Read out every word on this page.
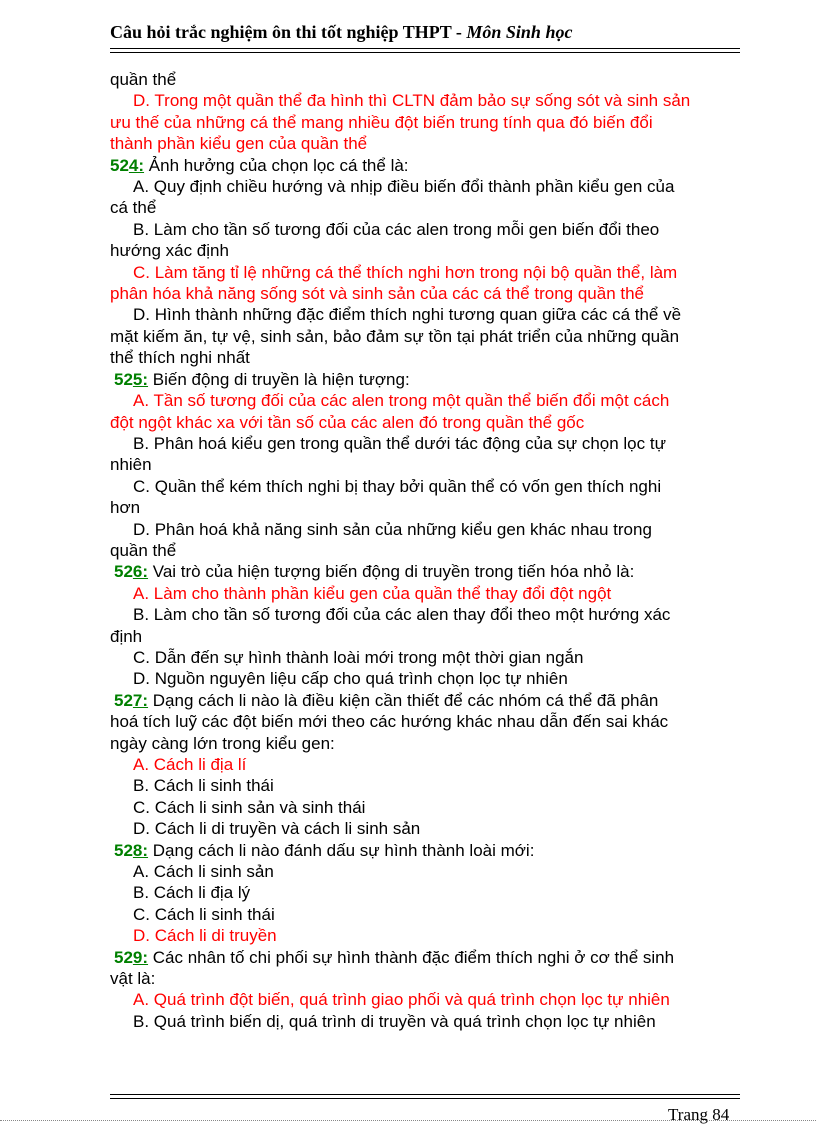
Câu hỏi trắc nghiệm ôn thi tốt nghiệp THPT - Môn Sinh học
quần thể
D. Trong một quần thể đa hình thì CLTN đảm bảo sự sống sót và sinh sản
ưu thế của những cá thể mang nhiều đột biến trung tính qua đó biến đổi
thành phần kiểu gen của quần thể
524: Ảnh hưởng của chọn lọc cá thể là:
A. Quy định chiều hướng và nhịp điều biến đổi thành phần kiểu gen của
cá thể
B. Làm cho tần số tương đối của các alen trong mỗi gen biến đổi theo
hướng xác định
C. Làm tăng tỉ lệ những cá thể thích nghi hơn trong nội bộ quần thể, làm
phân hóa khả năng sống sót và sinh sản của các cá thể trong quần thể
D. Hình thành những đặc điểm thích nghi tương quan giữa các cá thể về
mặt kiếm ăn, tự vệ, sinh sản, bảo đảm sự tồn tại phát triển của những quần
thể thích nghi nhất
525: Biến động di truyền là hiện tượng:
A. Tần số tương đối của các alen trong một quần thể biến đổi một cách
đột ngột khác xa với tần số của các alen đó trong quần thể gốc
B. Phân hoá kiểu gen trong quần thể dưới tác động của sự chọn lọc tự
nhiên
C. Quần thể kém thích nghi bị thay bởi quần thể có vốn gen thích nghi
hơn
D. Phân hoá khả năng sinh sản của những kiểu gen khác nhau trong
quần thể
526: Vai trò của hiện tượng biến động di truyền trong tiến hóa nhỏ là:
A. Làm cho thành phần kiểu gen của quần thể thay đổi đột ngột
B. Làm cho tần số tương đối của các alen thay đổi theo một hướng xác
định
C. Dẫn đến sự hình thành loài mới trong một thời gian ngắn
D. Nguồn nguyên liệu cấp cho quá trình chọn lọc tự nhiên
527: Dạng cách li nào là điều kiện cần thiết để các nhóm cá thể đã phân
hoá tích luỹ các đột biến mới theo các hướng khác nhau dẫn đến sai khác
ngày càng lớn trong kiểu gen:
A. Cách li địa lí
B. Cách li sinh thái
C. Cách li sinh sản và sinh thái
D. Cách li di truyền và cách li sinh sản
528: Dạng cách li nào đánh dấu sự hình thành loài mới:
A. Cách li sinh sản
B. Cách li địa lý
C. Cách li sinh thái
D. Cách li di truyền
529: Các nhân tố chi phối sự hình thành đặc điểm thích nghi ở cơ thể sinh
vật là:
A. Quá trình đột biến, quá trình giao phối và quá trình chọn lọc tự nhiên
B. Quá trình biến dị, quá trình di truyền và quá trình chọn lọc tự nhiên
Trang 84
